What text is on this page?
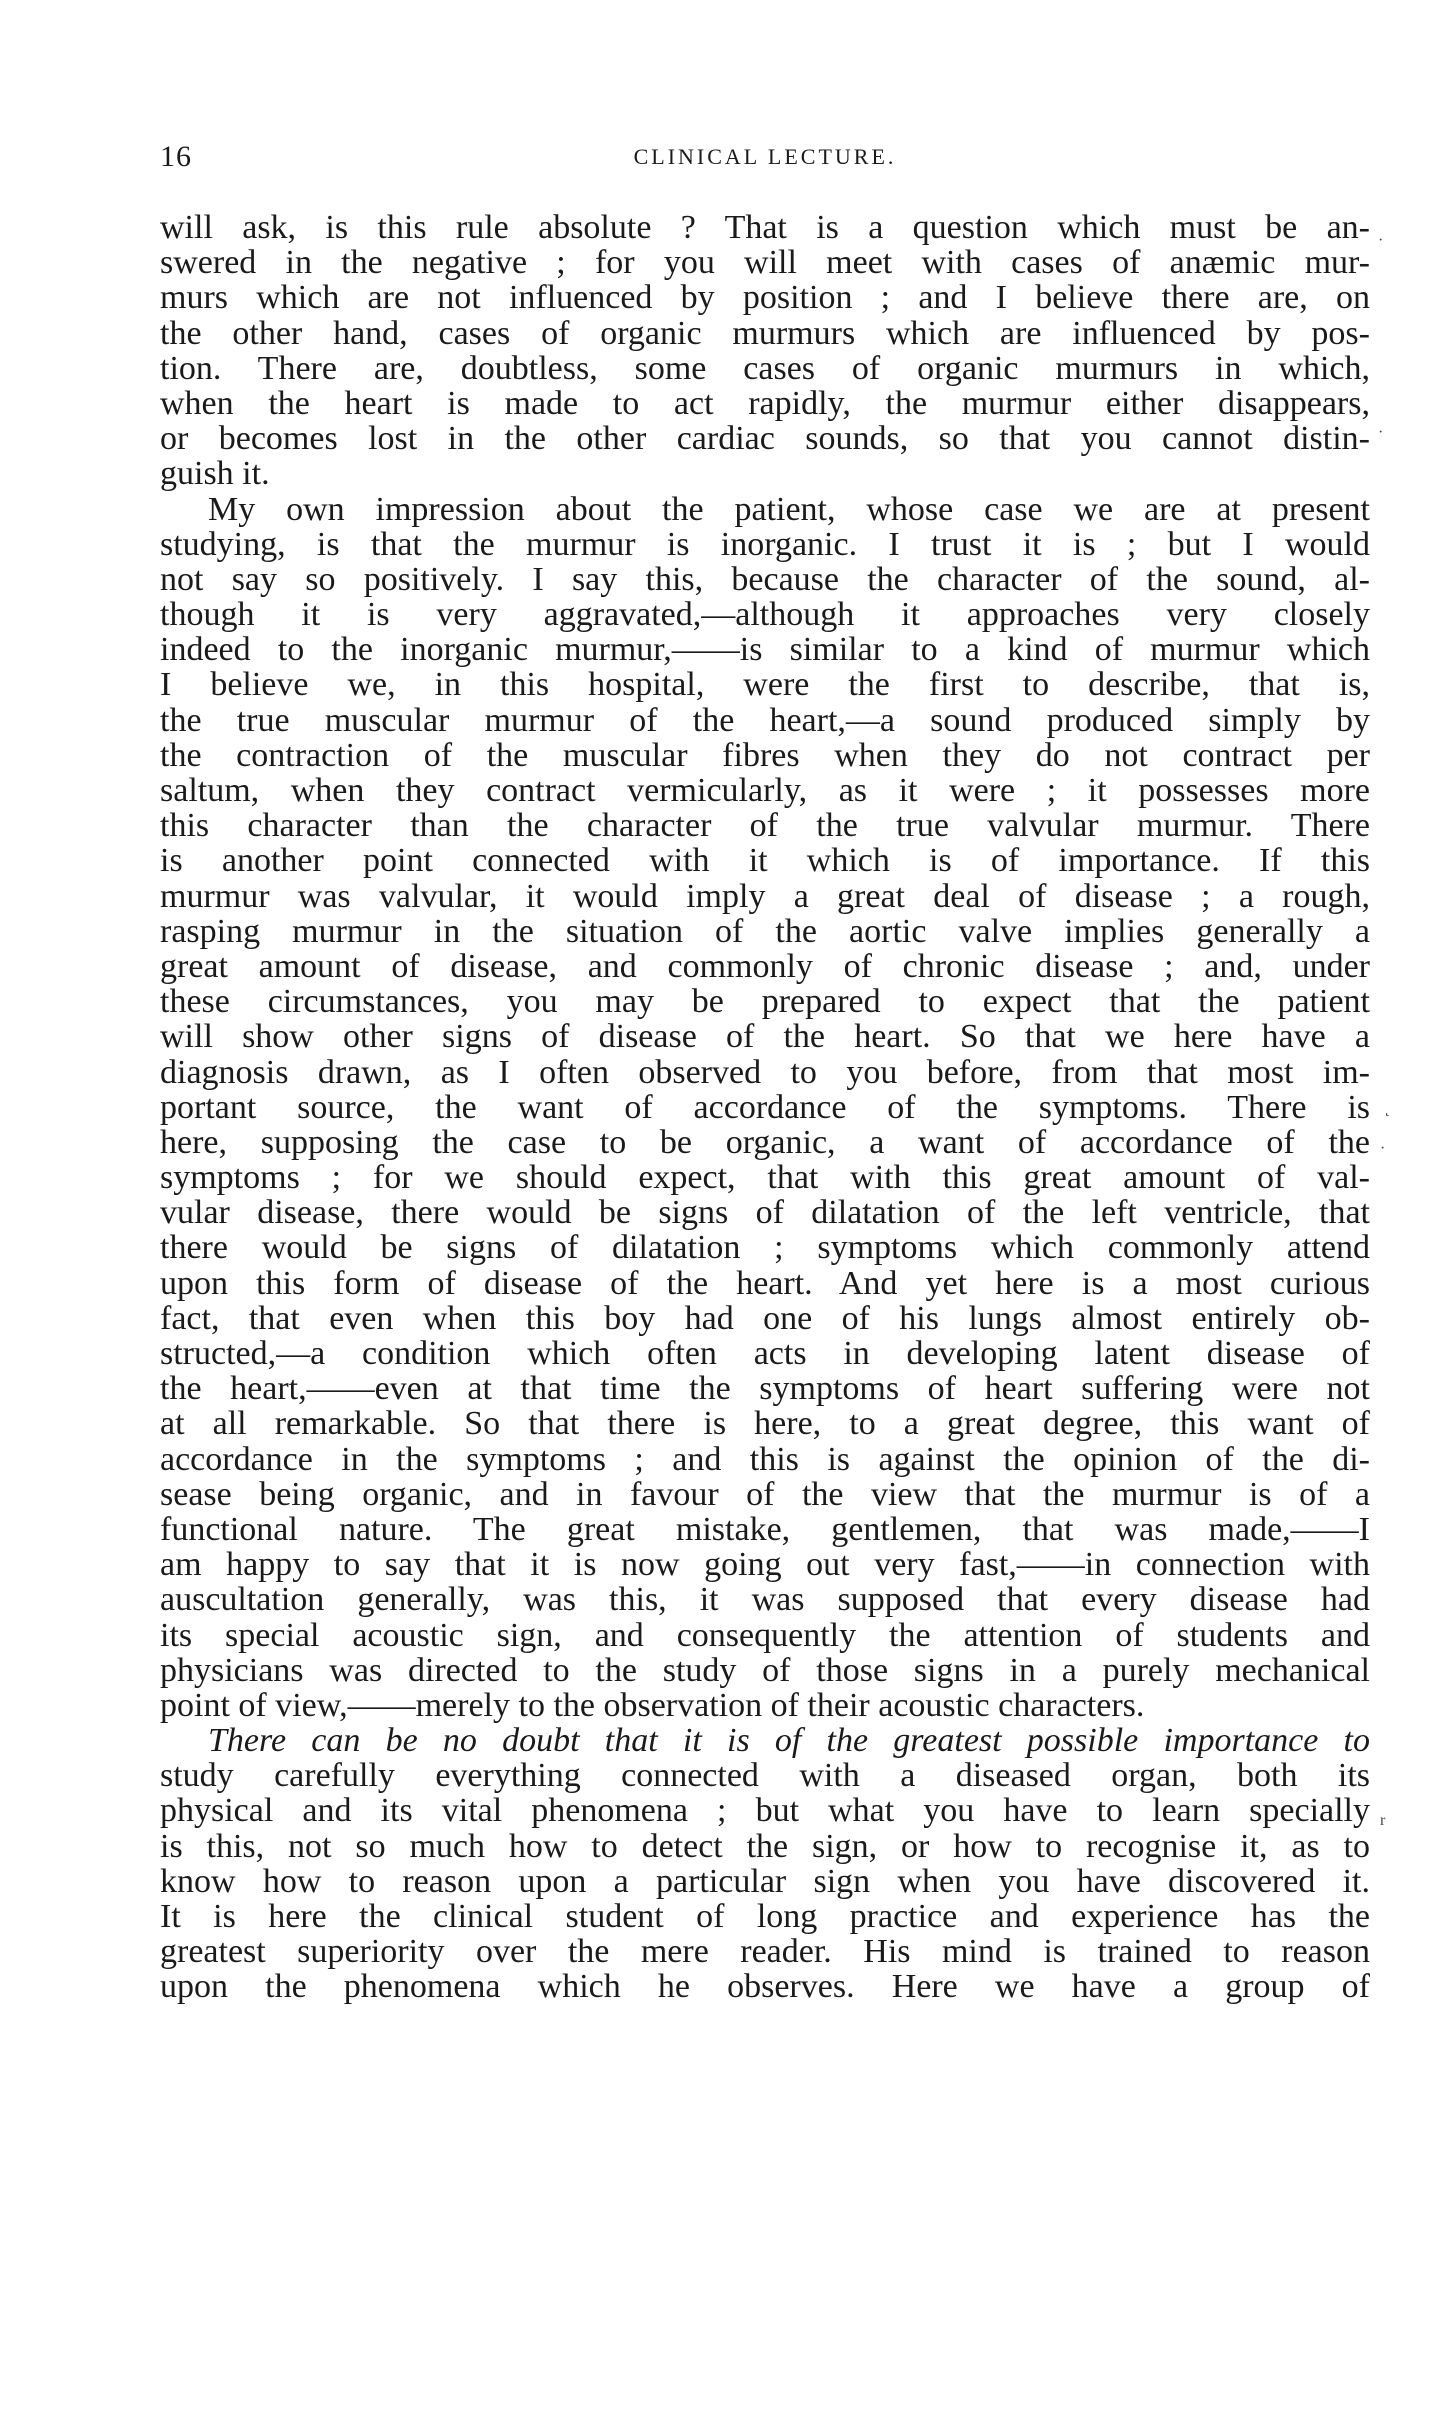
16	CLINICAL LECTURE.
will ask, is this rule absolute ? That is a question which must be an-
swered in the negative ; for you will meet with cases of anæmic mur-
murs which are not influenced by position ; and I believe there are, on
the other hand, cases of organic murmurs which are influenced by pos-
tion. There are, doubtless, some cases of organic murmurs in which,
when the heart is made to act rapidly, the murmur either disappears,
or becomes lost in the other cardiac sounds, so that you cannot distin-
guish it.
My own impression about the patient, whose case we are at present
studying, is that the murmur is inorganic. I trust it is ; but I would
not say so positively. I say this, because the character of the sound, al-
though it is very aggravated,—although it approaches very closely
indeed to the inorganic murmur,——is similar to a kind of murmur which
I believe we, in this hospital, were the first to describe, that is,
the true muscular murmur of the heart,—a sound produced simply by
the contraction of the muscular fibres when they do not contract per
saltum, when they contract vermicularly, as it were ; it possesses more
this character than the character of the true valvular murmur. There
is another point connected with it which is of importance. If this
murmur was valvular, it would imply a great deal of disease ; a rough,
rasping murmur in the situation of the aortic valve implies generally a
great amount of disease, and commonly of chronic disease ; and, under
these circumstances, you may be prepared to expect that the patient
will show other signs of disease of the heart. So that we here have a
diagnosis drawn, as I often observed to you before, from that most im-
portant source, the want of accordance of the symptoms. There is
here, supposing the case to be organic, a want of accordance of the
symptoms ; for we should expect, that with this great amount of val-
vular disease, there would be signs of dilatation of the left ventricle, that
there would be signs of dilatation ; symptoms which commonly attend
upon this form of disease of the heart. And yet here is a most curious
fact, that even when this boy had one of his lungs almost entirely ob-
structed,—a condition which often acts in developing latent disease of
the heart,——even at that time the symptoms of heart suffering were not
at all remarkable. So that there is here, to a great degree, this want of
accordance in the symptoms ; and this is against the opinion of the di-
sease being organic, and in favour of the view that the murmur is of a
functional nature. The great mistake, gentlemen, that was made,——I
am happy to say that it is now going out very fast,——in connection with
auscultation generally, was this, it was supposed that every disease had
its special acoustic sign, and consequently the attention of students and
physicians was directed to the study of those signs in a purely mechanical
point of view,——merely to the observation of their acoustic characters.
There can be no doubt that it is of the greatest possible importance to
study carefully everything connected with a diseased organ, both its
physical and its vital phenomena ; but what you have to learn specially
is this, not so much how to detect the sign, or how to recognise it, as to
know how to reason upon a particular sign when you have discovered it.
It is here the clinical student of long practice and experience has the
greatest superiority over the mere reader. His mind is trained to reason
upon the phenomena which he observes. Here we have a group of
·
·
˛
·
r
